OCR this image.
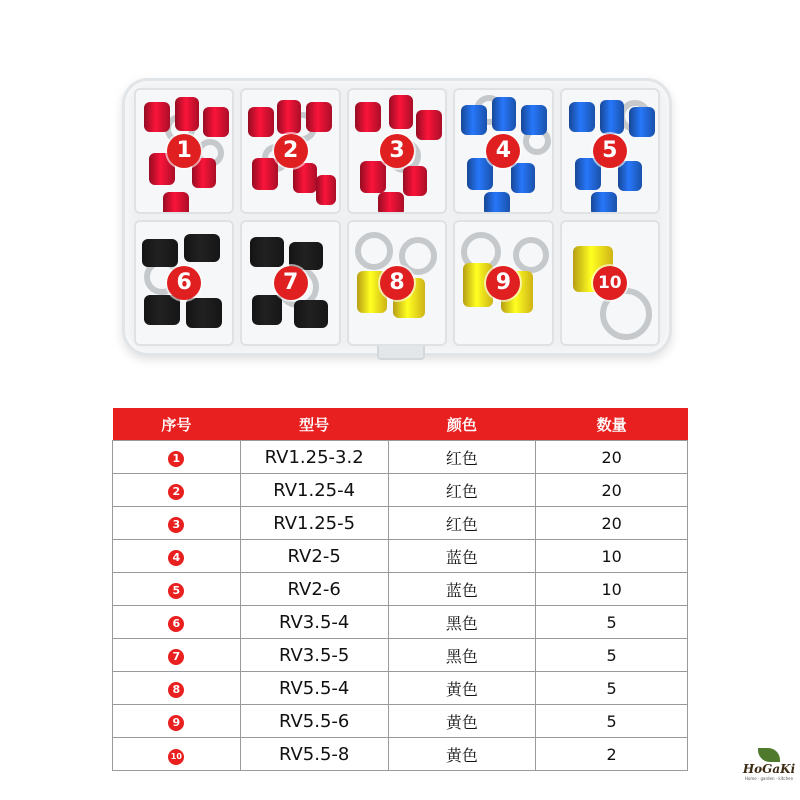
1	2	3	4	5
6	7	8	9	10
序号	型号	颜色	数量
1	RV1.25-3.2	红色	20
2	RV1.25-4	红色	20
3	RV1.25-5	红色	20
4	RV2-5	蓝色	10
5	RV2-6	蓝色	10
6	RV3.5-4	黑色	5
7	RV3.5-5	黑色	5
8	RV5.5-4	黄色	5
9	RV5.5-6	黄色	5
10	RV5.5-8	黄色	2
HoGaKi
Home · garden · kitchen
